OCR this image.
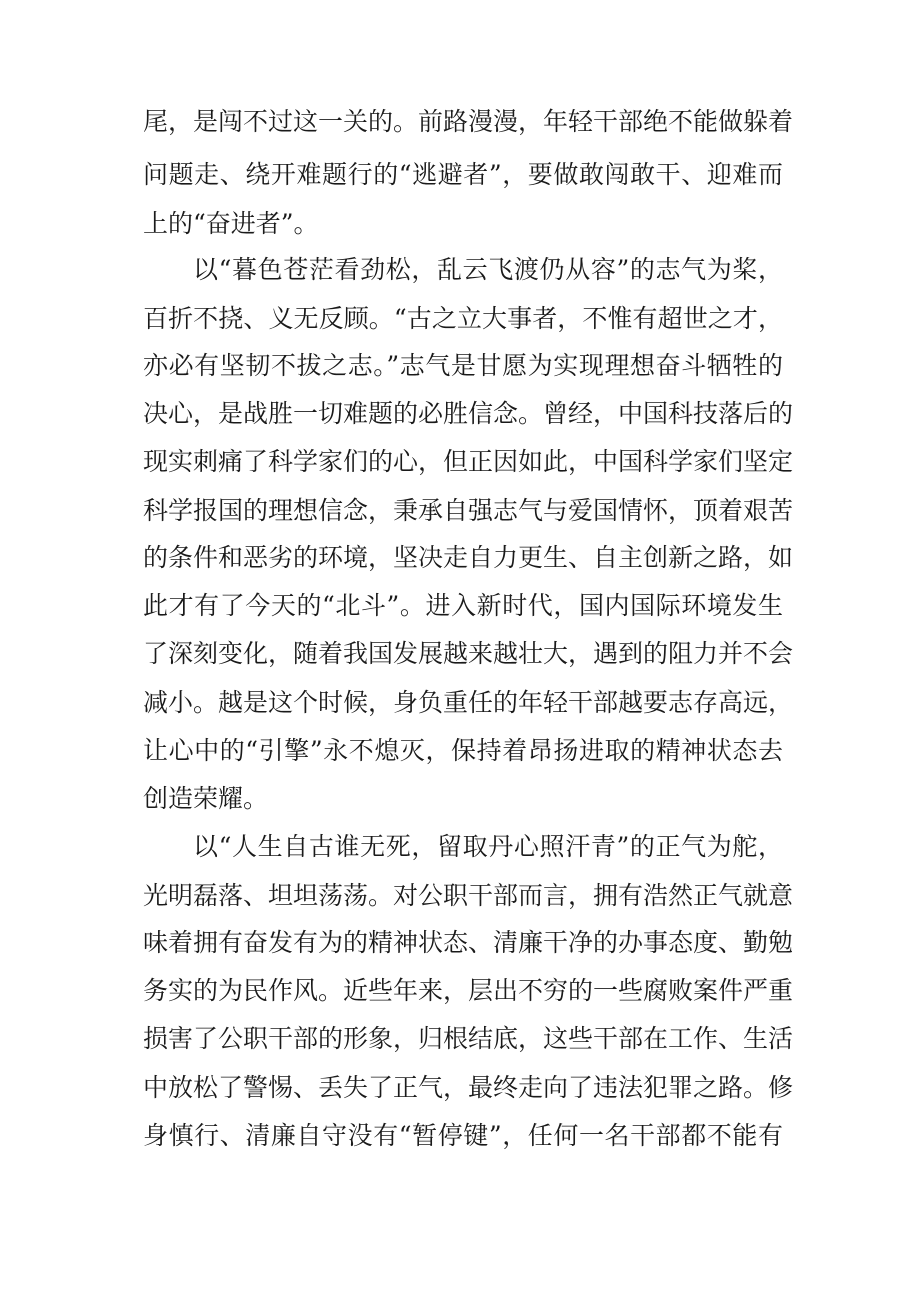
尾，是闯不过这一关的。前路漫漫，年轻干部绝不能做躲着
问题走、绕开难题行的“逃避者”，要做敢闯敢干、迎难而
上的“奋进者”。
以“暮色苍茫看劲松，乱云飞渡仍从容”的志气为桨，
百折不挠、义无反顾。“古之立大事者，不惟有超世之才，
亦必有坚韧不拔之志。”志气是甘愿为实现理想奋斗牺牲的
决心，是战胜一切难题的必胜信念。曾经，中国科技落后的
现实刺痛了科学家们的心，但正因如此，中国科学家们坚定
科学报国的理想信念，秉承自强志气与爱国情怀，顶着艰苦
的条件和恶劣的环境，坚决走自力更生、自主创新之路，如
此才有了今天的“北斗”。进入新时代，国内国际环境发生
了深刻变化，随着我国发展越来越壮大，遇到的阻力并不会
减小。越是这个时候，身负重任的年轻干部越要志存高远，
让心中的“引擎”永不熄灭，保持着昂扬进取的精神状态去
创造荣耀。
以“人生自古谁无死，留取丹心照汗青”的正气为舵，
光明磊落、坦坦荡荡。对公职干部而言，拥有浩然正气就意
味着拥有奋发有为的精神状态、清廉干净的办事态度、勤勉
务实的为民作风。近些年来，层出不穷的一些腐败案件严重
损害了公职干部的形象，归根结底，这些干部在工作、生活
中放松了警惕、丢失了正气，最终走向了违法犯罪之路。修
身慎行、清廉自守没有“暂停键”，任何一名干部都不能有
